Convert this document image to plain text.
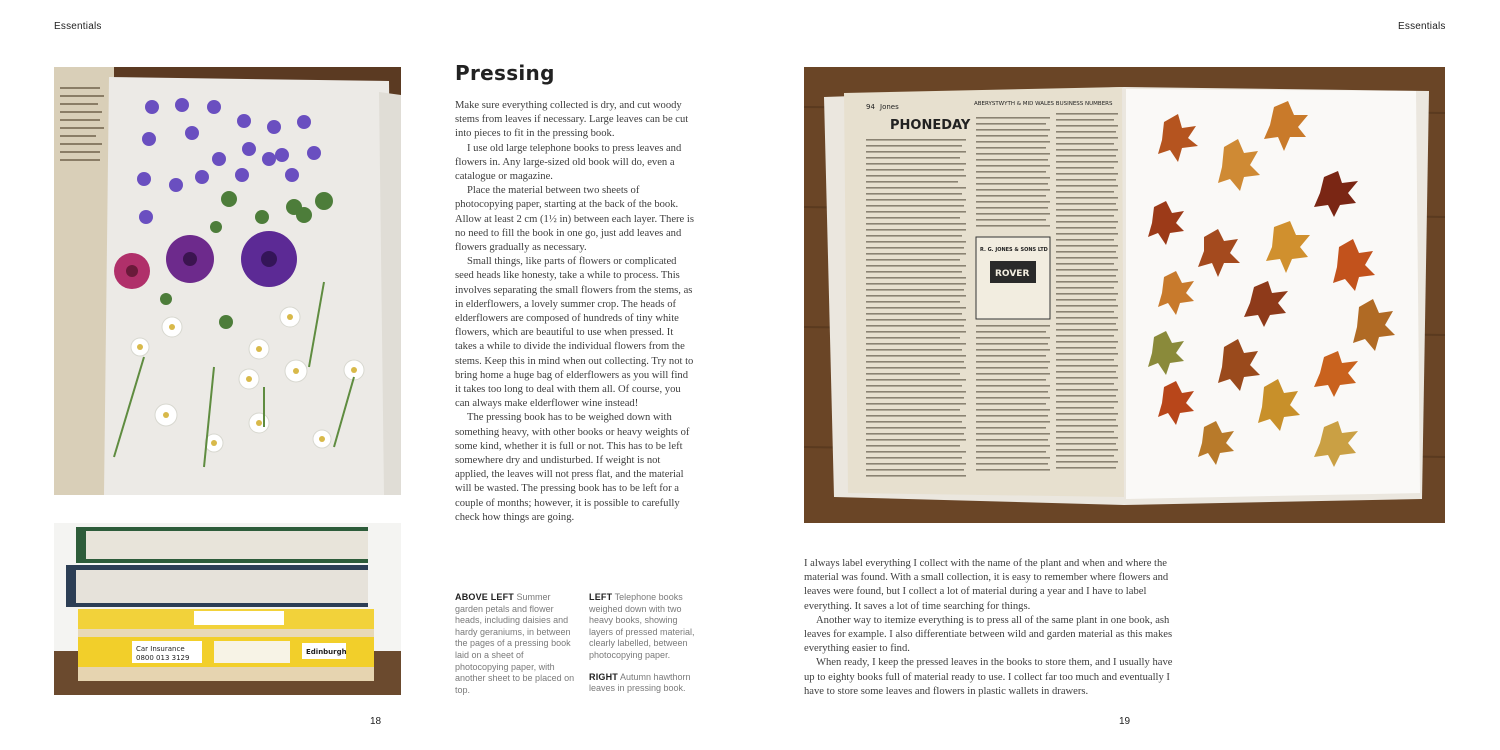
Essentials	Essentials
Car Insurance
0800 013 3129
Edinburgh
Pressing

Make sure everything collected is dry, and cut woody stems from leaves if necessary. Large leaves can be cut into pieces to fit in the pressing book.

I use old large telephone books to press leaves and flowers in. Any large-sized old book will do, even a catalogue or magazine.

Place the material between two sheets of photocopying paper, starting at the back of the book. Allow at least 2 cm (1½ in) between each layer. There is no need to fill the book in one go, just add leaves and flowers gradually as necessary.

Small things, like parts of flowers or complicated seed heads like honesty, take a while to process. This involves separating the small flowers from the stems, as in elderflowers, a lovely summer crop. The heads of elderflowers are composed of hundreds of tiny white flowers, which are beautiful to use when pressed. It takes a while to divide the individual flowers from the stems. Keep this in mind when out collecting. Try not to bring home a huge bag of elderflowers as you will find it takes too long to deal with them all. Of course, you can always make elderflower wine instead!

The pressing book has to be weighed down with something heavy, with other books or heavy weights of some kind, whether it is full or not. This has to be left somewhere dry and undisturbed. If weight is not applied, the leaves will not press flat, and the material will be wasted. The pressing book has to be left for a couple of months; however, it is possible to carefully check how things are going.

ABOVE LEFT Summer garden petals and flower heads, including daisies and hardy geraniums, in between the pages of a pressing book laid on a sheet of photocopying paper, with another sheet to be placed on top.

LEFT Telephone books weighed down with two heavy books, showing layers of pressed material, clearly labelled, between photocopying paper.

RIGHT Autumn hawthorn leaves in pressing book.

94 Jones	ABERYSTWYTH & MID WALES BUSINESS NUMBERS
PHONEDAY
R. G. JONES & SONS LTD
ROVER

I always label everything I collect with the name of the plant and when and where the material was found. With a small collection, it is easy to remember where flowers and leaves were found, but I collect a lot of material during a year and I have to label everything. It saves a lot of time searching for things.

Another way to itemize everything is to press all of the same plant in one book, ash leaves for example. I also differentiate between wild and garden material as this makes everything easier to find.

When ready, I keep the pressed leaves in the books to store them, and I usually have up to eighty books full of material ready to use. I collect far too much and eventually I have to store some leaves and flowers in plastic wallets in drawers.

18	19
